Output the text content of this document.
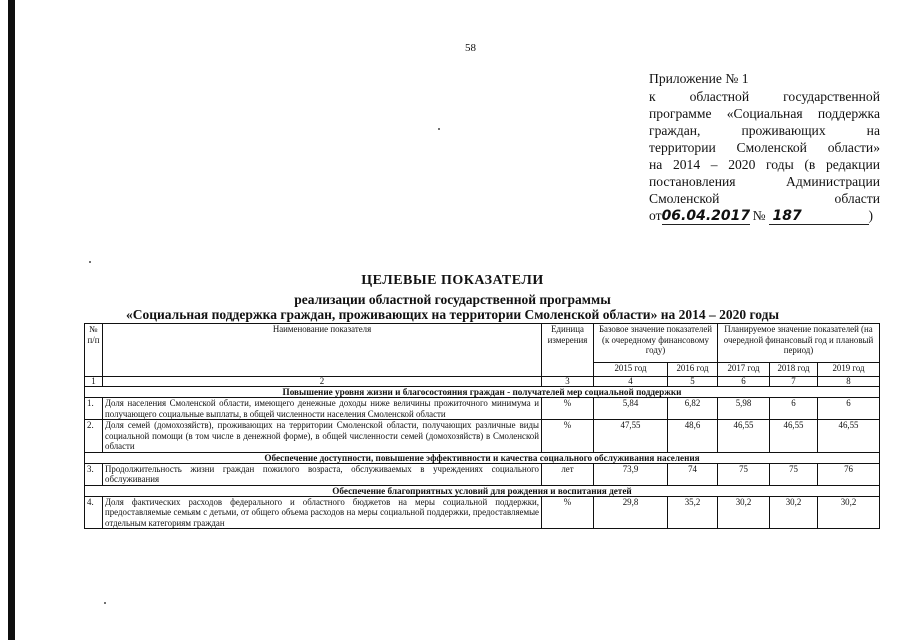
58
Приложение № 1
к областной государственной
программе «Социальная поддержка
граждан, проживающих на
территории Смоленской области»
на 2014 – 2020 годы (в редакции
постановления Администрации
Смоленской области
от 06.04.2017 № 187	)
ЦЕЛЕВЫЕ ПОКАЗАТЕЛИ
реализации областной государственной программы
«Социальная поддержка граждан, проживающих на территории Смоленской области» на 2014 – 2020 годы
№ п/п	Наименование показателя	Единица измерения	Базовое значение показателей (к очередному финансовому году)		Планируемое значение показателей (на очередной финансовый год и плановый период)		
			2015 год	2016 год	2017 год	2018 год	2019 год
1	2	3	4	5	6	7	8
Повышение уровня жизни и благосостояния граждан - получателей мер социальной поддержки							
1.	Доля населения Смоленской области, имеющего денежные доходы ниже величины прожиточного минимума и получающего социальные выплаты, в общей численности населения Смоленской области	%	5,84	6,82	5,98	6	6
2.	Доля семей (домохозяйств), проживающих на территории Смоленской области, получающих различные виды социальной помощи (в том числе в денежной форме), в общей численности семей (домохозяйств) в Смоленской области	%	47,55	48,6	46,55	46,55	46,55
Обеспечение доступности, повышение эффективности и качества социального обслуживания населения							
3.	Продолжительность жизни граждан пожилого возраста, обслуживаемых в учреждениях социального обслуживания	лет	73,9	74	75	75	76
Обеспечение благоприятных условий для рождения и воспитания детей							
4.	Доля фактических расходов федерального и областного бюджетов на меры социальной поддержки, предоставляемые семьям с детьми, от общего объема расходов на меры социальной поддержки, предоставляемые отдельным категориям граждан	%	29,8	35,2	30,2	30,2	30,2
